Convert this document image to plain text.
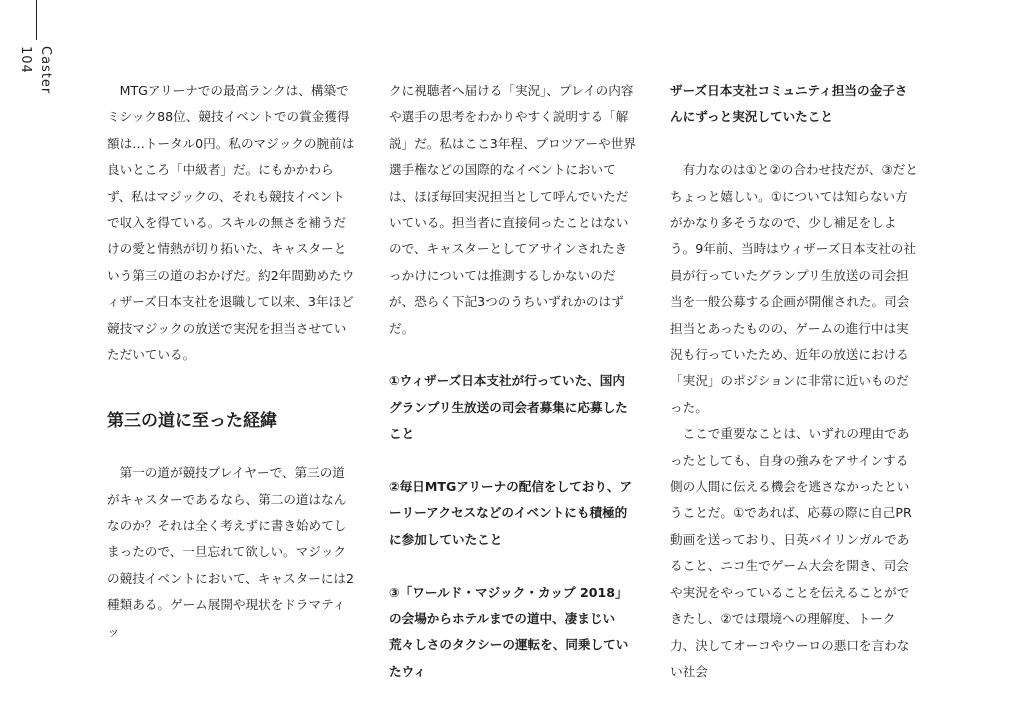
104 Caster	MTGアリーナでの最高ランクは、構築でミシック88位、競技イベントでの賞金獲得額は…トータル0円。私のマジックの腕前は良いところ「中級者」だ。にもかかわらず、私はマジックの、それも競技イベントで収入を得ている。スキルの無さを補うだけの愛と情熱が切り拓いた、キャスターという第三の道のおかげだ。約2年間勤めたウィザーズ日本支社を退職して以来、3年ほど競技マジックの放送で実況を担当させていただいている。

第三の道に至った経緯

第一の道が競技プレイヤーで、第三の道がキャスターであるなら、第二の道はなんなのか？それは全く考えずに書き始めてしまったので、一旦忘れて欲しい。マジックの競技イベントにおいて、キャスターには2種類ある。ゲーム展開や現状をドラマティッ

クに視聴者へ届ける「実況」、プレイの内容や選手の思考をわかりやすく説明する「解説」だ。私はここ3年程、プロツアーや世界選手権などの国際的なイベントにおいては、ほぼ毎回実況担当として呼んでいただいている。担当者に直接伺ったことはないので、キャスターとしてアサインされたきっかけについては推測するしかないのだが、恐らく下記3つのうちいずれかのはずだ。

①ウィザーズ日本支社が行っていた、国内グランプリ生放送の司会者募集に応募したこと

②毎日MTGアリーナの配信をしており、アーリーアクセスなどのイベントにも積極的に参加していたこと

③「ワールド・マジック・カップ 2018」の会場からホテルまでの道中、凄まじい荒々しさのタクシーの運転を、同乗していたウィ

ザーズ日本支社コミュニティ担当の金子さんにずっと実況していたこと

有力なのは①と②の合わせ技だが、③だとちょっと嬉しい。①については知らない方がかなり多そうなので、少し補足をしよう。9年前、当時はウィザーズ日本支社の社員が行っていたグランプリ生放送の司会担当を一般公募する企画が開催された。司会担当とあったものの、ゲームの進行中は実況も行っていたため、近年の放送における「実況」のポジションに非常に近いものだった。

ここで重要なことは、いずれの理由であったとしても、自身の強みをアサインする側の人間に伝える機会を逃さなかったということだ。①であれば、応募の際に自己PR動画を送っており、日英バイリンガルであること、ニコ生でゲーム大会を開き、司会や実況をやっていることを伝えることができたし、②では環境への理解度、トーク力、決してオーコやウーロの悪口を言わない社会
